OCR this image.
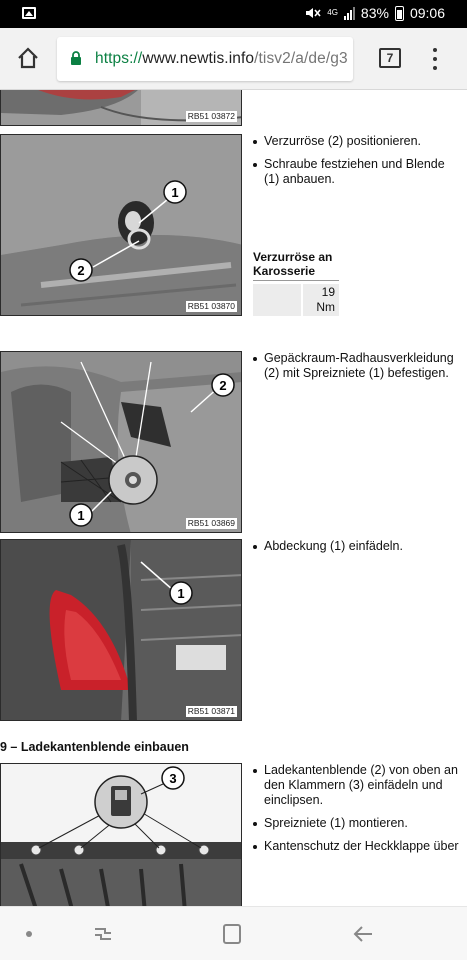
4G 83% 09:06
https://www.newtis.info/tisv2/a/de/g3	7
RB51 03872
1
2
RB51 03870
Verzurröse (2) positionieren.
Schraube festziehen und Blende (1) anbauen.
Verzurröse an Karosserie
19 Nm
2
1	RB51 03869
Gepäckraum-Radhausverkleidung (2) mit Spreizniete (1) befestigen.
1
RB51 03871
Abdeckung (1) einfädeln.
9 – Ladekantenblende einbauen
3
Ladekantenblende (2) von oben an den Klammern (3) einfädeln und einclipsen.
Spreizniete (1) montieren.
Kantenschutz der Heckklappe über
